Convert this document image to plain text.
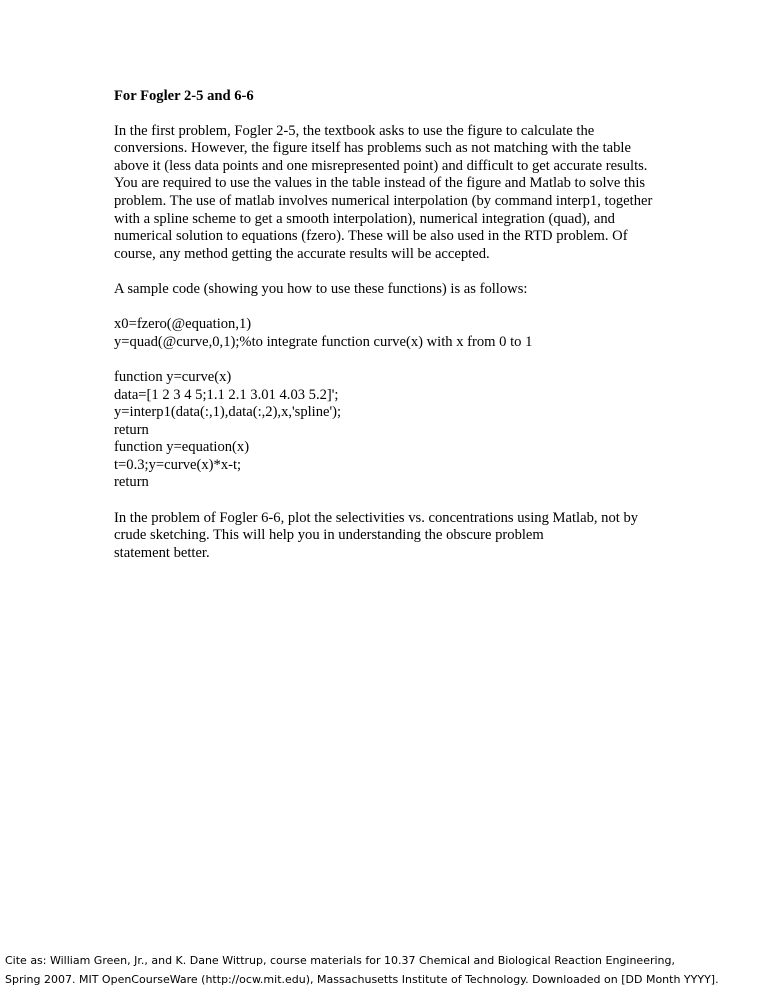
For Fogler 2-5 and 6-6

In the first problem, Fogler 2-5, the textbook asks to use the figure to calculate the conversions. However, the figure itself has problems such as not matching with the table above it (less data points and one misrepresented point) and difficult to get accurate results. You are required to use the values in the table instead of the figure and Matlab to solve this problem. The use of matlab involves numerical interpolation (by command interp1, together with a spline scheme to get a smooth interpolation), numerical integration (quad), and numerical solution to equations (fzero). These will be also used in the RTD problem. Of course, any method getting the accurate results will be accepted.

A sample code (showing you how to use these functions) is as follows:

x0=fzero(@equation,1)
y=quad(@curve,0,1);%to integrate function curve(x) with x from 0 to 1
function y=curve(x)
data=[1 2 3 4 5;1.1 2.1 3.01 4.03 5.2]';
y=interp1(data(:,1),data(:,2),x,'spline');
return
function y=equation(x)
t=0.3;y=curve(x)*x-t;
return
In the problem of Fogler 6-6, plot the selectivities vs. concentrations using Matlab, not by
crude sketching. This will help you in understanding the obscure problem
statement better.
Cite as: William Green, Jr., and K. Dane Wittrup, course materials for 10.37 Chemical and Biological Reaction Engineering,
Spring 2007. MIT OpenCourseWare (http://ocw.mit.edu), Massachusetts Institute of Technology. Downloaded on [DD Month YYYY].
